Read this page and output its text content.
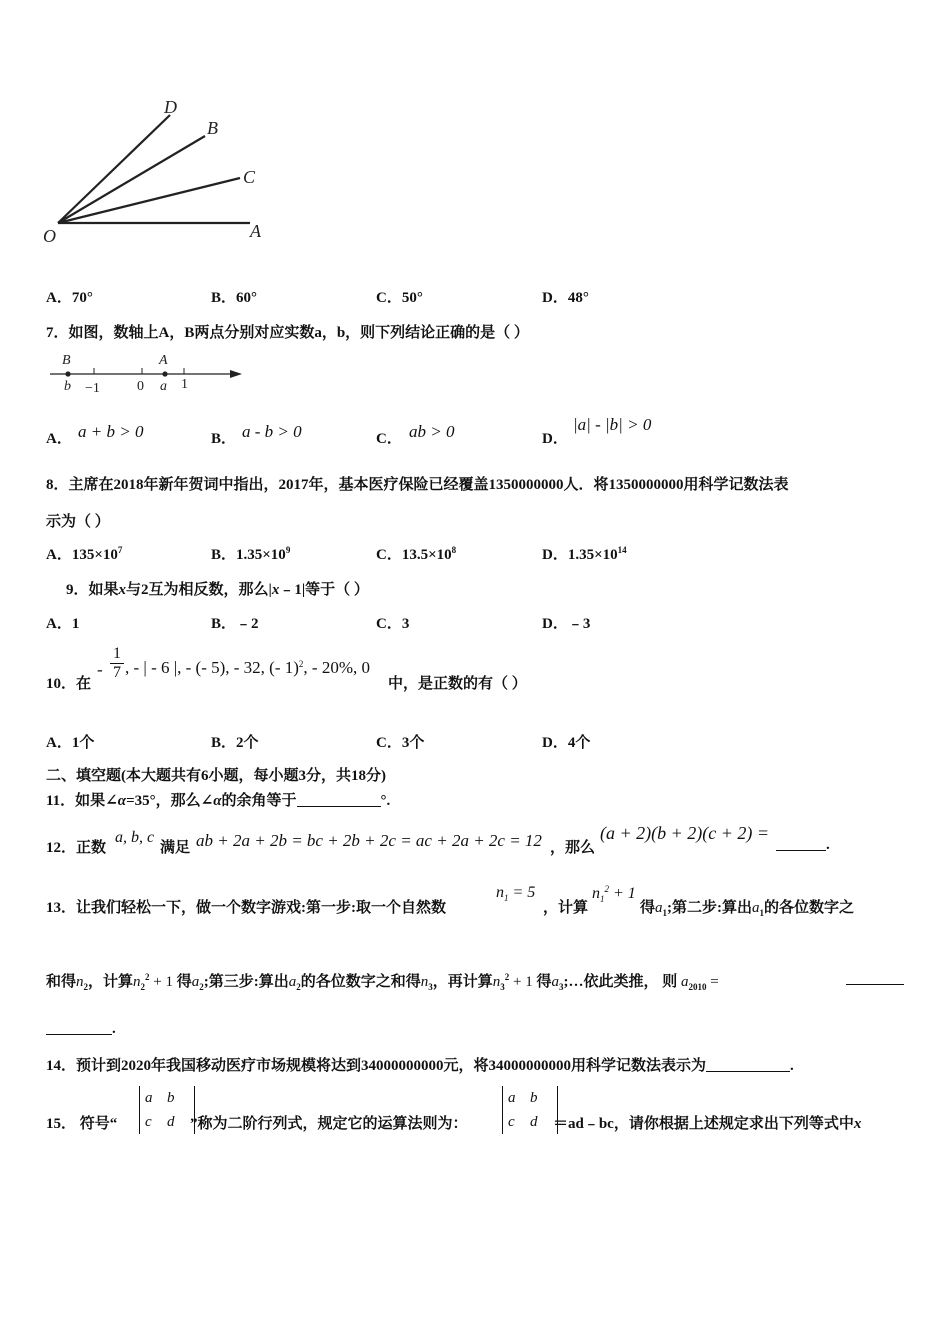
D
B
C
O	A
A．70°	B．60°	C．50°	D．48°
7．如图，数轴上A，B两点分别对应实数a，b，则下列结论正确的是（ ）
B
b −1	0
A
a 1
A． a + b > 0	B． a - b > 0	C． ab > 0	D．
|a| - |b| > 0
8．主席在2018年新年贺词中指出，2017年，基本医疗保险已经覆盖1350000000人．将1350000000用科学记数法表
示为（ ）
A．$135\times 10^7$	B．$1.35\times 10^9$	C．$13.5\times 10^8$	D．$1.35\times 10^{14}$
9．如果x与2互为相反数，那么|x﹣1|等于（ ）
A．1	B．﹣2	C．3	D．﹣3
10．在
-
1
7 , - | - 6 |, - (- 5), - 32, (- 1)$^2$, - 20%, 0
中，是正数的有（ ）
A．1个	B．2个	C．3个	D．4个
二、填空题(本大题共有6小题，每小题3分，共18分)
11．如果∠α=35°，那么∠α的余角等于	°.
12．正数
a, b, c
满足 ab + 2a + 2b = bc + 2b + 2c = ac + 2a + 2c = 12 ，那么
(a + 2)(b + 2)(c + 2) =
.
13．让我们轻松一下，做一个数字游戏:第一步:取一个自然数
$n_1 = 5$
，计算
$n_1^2 + 1$
得$a_1$;第二步:算出$a_1$的各位数字之
和得$n_2$，计算$n_2^2 + 1$ 得$a_2$;第三步:算出$a_2$的各位数字之和得$n_3$，再计算$n_3^2 + 1$ 得$a_3;\dots$依此类推， 则 $a_{2010}$ =
.
14．预计到2020年我国移动医疗市场规模将达到34000000000元，将34000000000用科学记数法表示为	.
15． 符号“
a b
c d	”称为二阶行列式，规定它的运算法则为：
a b
c d	＝ad﹣bc，请你根据上述规定求出下列等式中x
